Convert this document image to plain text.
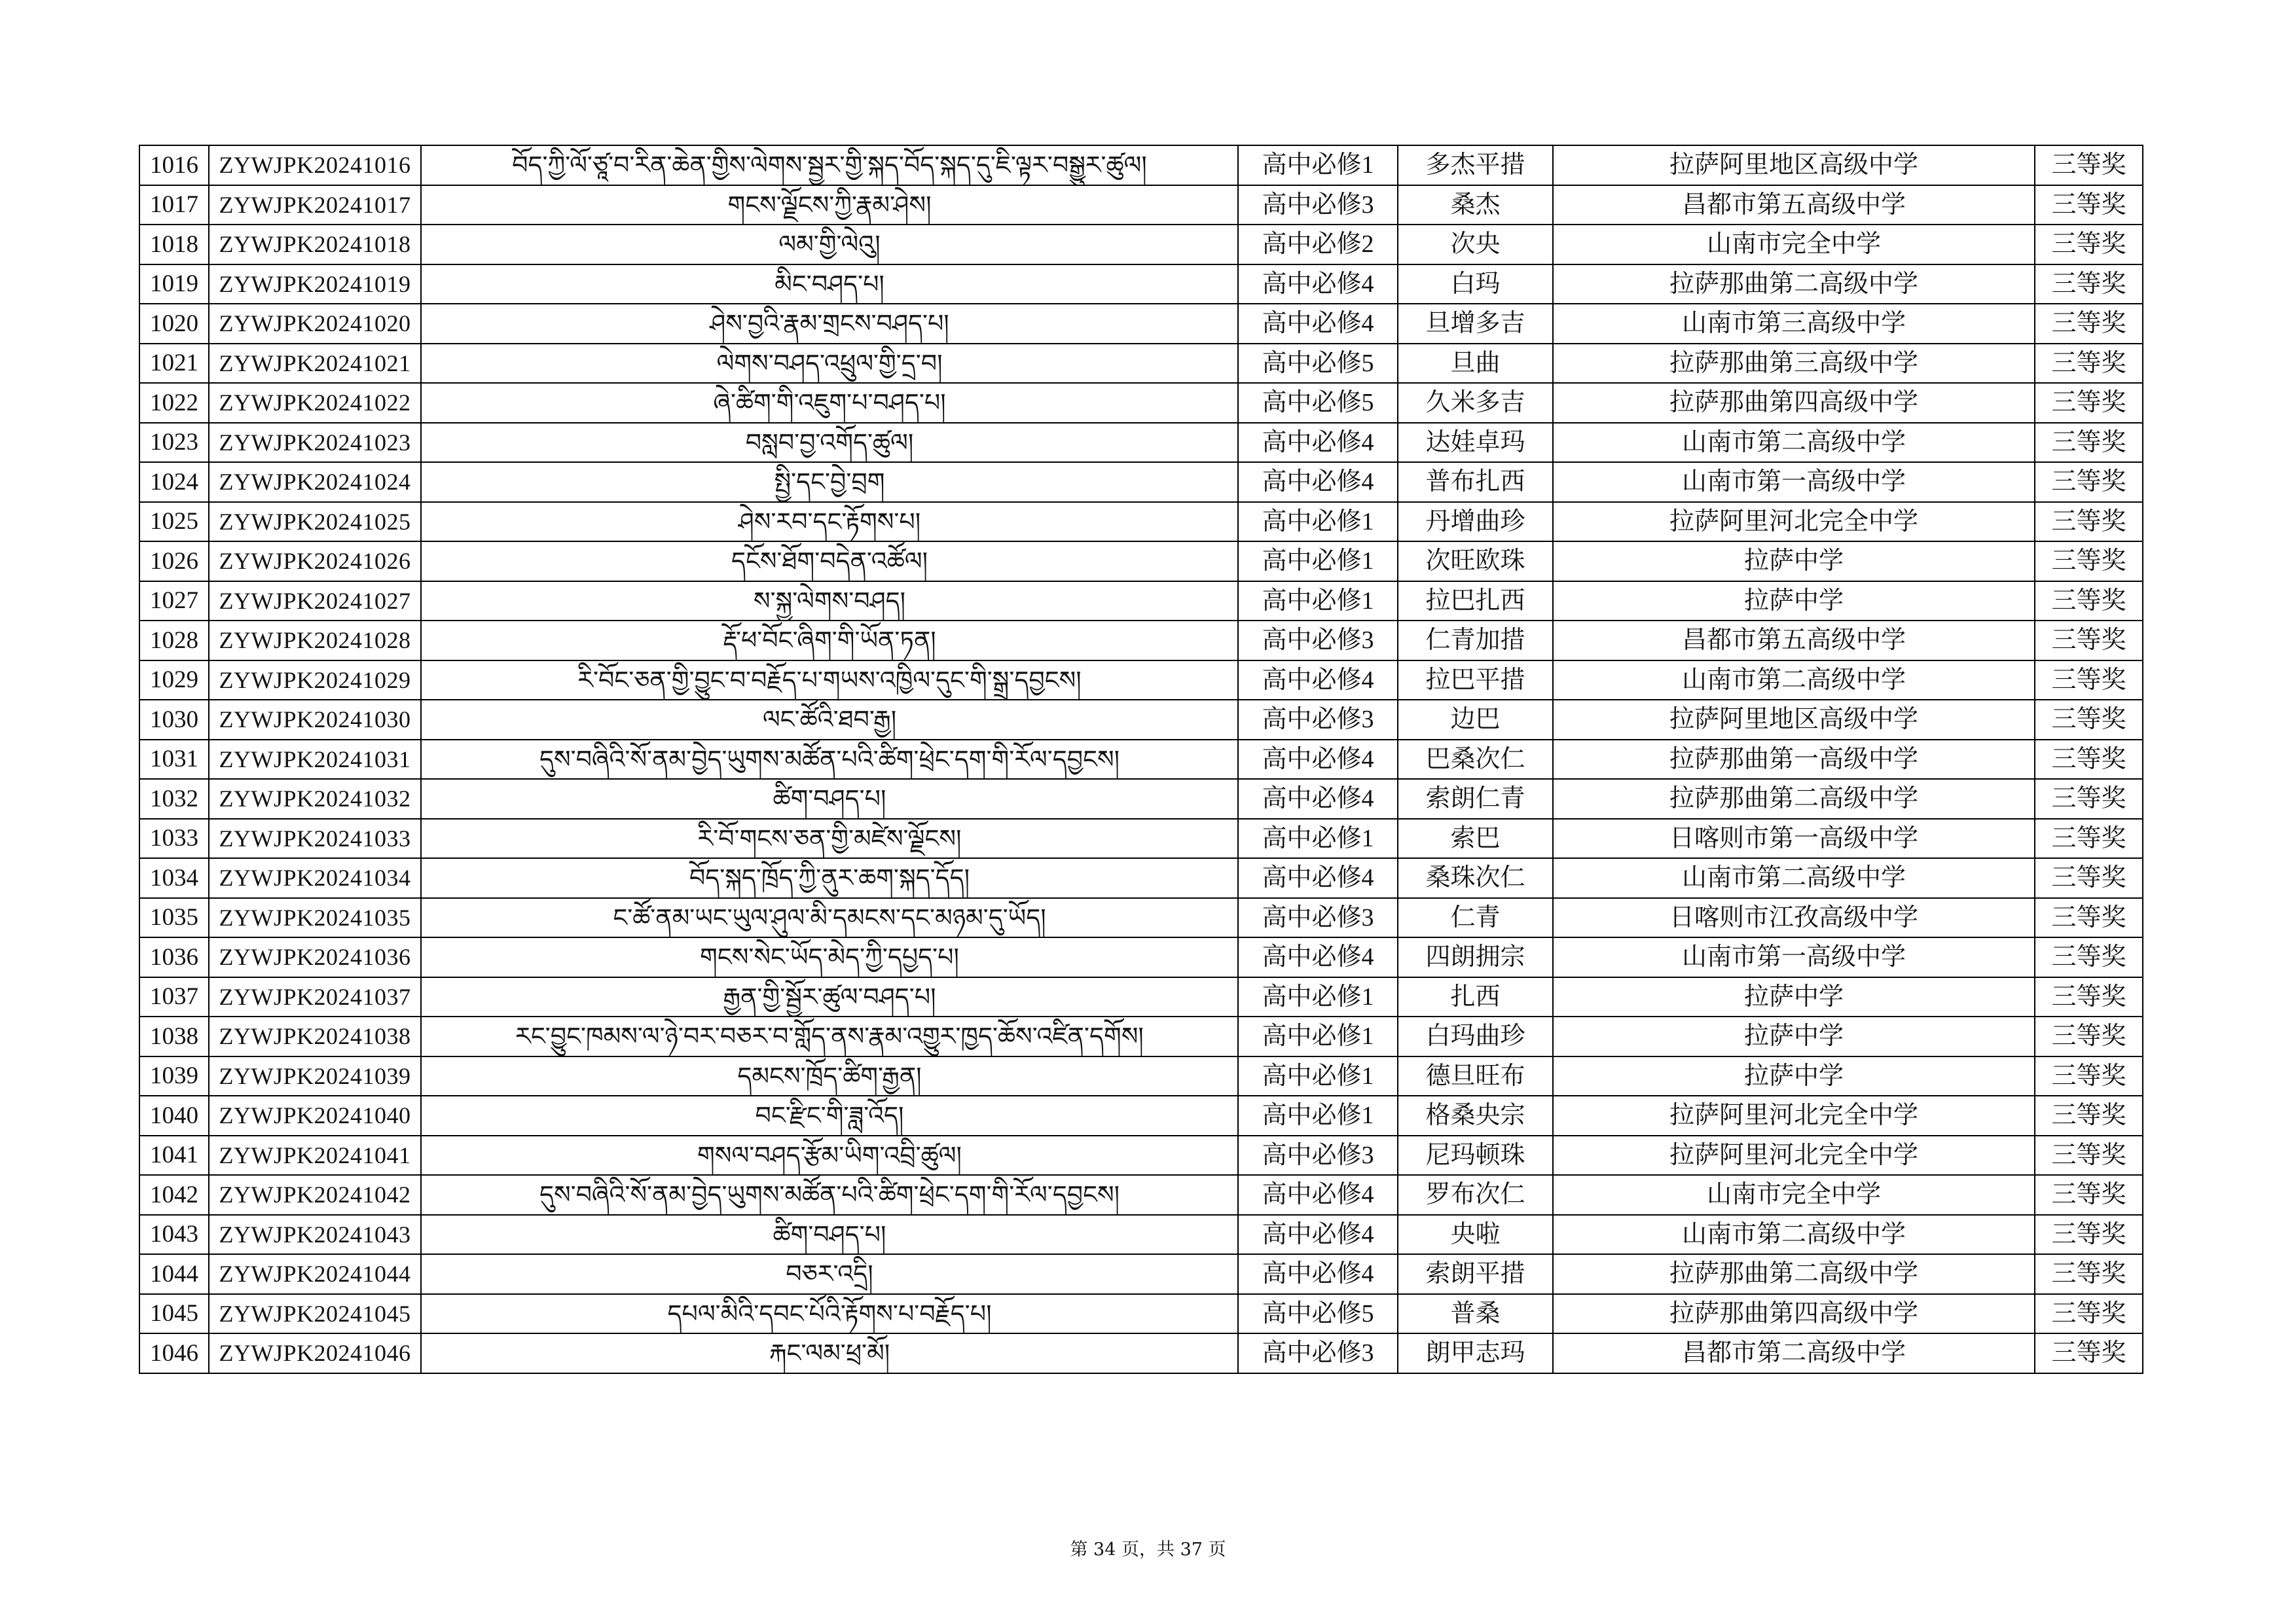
1016	ZYWJPK20241016	བོད་ཀྱི་ལོ་ཙཱ་བ་རིན་ཆེན་གྱིས་ལེགས་སྦྱར་གྱི་སྐད་བོད་སྐད་དུ་ཇི་ལྟར་བསྒྱུར་ཚུལ།	高中必修1	多杰平措	拉萨阿里地区高级中学	三等奖
1017	ZYWJPK20241017	གངས་ལྗོངས་ཀྱི་རྣམ་ཤེས།	高中必修3	桑杰	昌都市第五高级中学	三等奖
1018	ZYWJPK20241018	ལམ་གྱི་ལེའུ།	高中必修2	次央	山南市完全中学	三等奖
1019	ZYWJPK20241019	མིང་བཤད་པ།	高中必修4	白玛	拉萨那曲第二高级中学	三等奖
1020	ZYWJPK20241020	ཤེས་བྱའི་རྣམ་གྲངས་བཤད་པ།	高中必修4	旦增多吉	山南市第三高级中学	三等奖
1021	ZYWJPK20241021	ལེགས་བཤད་འཕྲུལ་གྱི་དྲ་བ།	高中必修5	旦曲	拉萨那曲第三高级中学	三等奖
1022	ZYWJPK20241022	ཞེ་ཚིག་གི་འཇུག་པ་བཤད་པ།	高中必修5	久米多吉	拉萨那曲第四高级中学	三等奖
1023	ZYWJPK20241023	བསླབ་བྱ་འགོད་ཚུལ།	高中必修4	达娃卓玛	山南市第二高级中学	三等奖
1024	ZYWJPK20241024	སྤྱི་དང་བྱེ་བྲག	高中必修4	普布扎西	山南市第一高级中学	三等奖
1025	ZYWJPK20241025	ཤེས་རབ་དང་རྟོགས་པ།	高中必修1	丹增曲珍	拉萨阿里河北完全中学	三等奖
1026	ZYWJPK20241026	དངོས་ཐོག་བདེན་འཚོལ།	高中必修1	次旺欧珠	拉萨中学	三等奖
1027	ZYWJPK20241027	ས་སྐྱ་ལེགས་བཤད།	高中必修1	拉巴扎西	拉萨中学	三等奖
1028	ZYWJPK20241028	རྡོ་ཕ་བོང་ཞིག་གི་ཡོན་ཏན།	高中必修3	仁青加措	昌都市第五高级中学	三等奖
1029	ZYWJPK20241029	རི་བོང་ཅན་གྱི་བྱུང་བ་བརྗོད་པ་གཡས་འཁྱིལ་དུང་གི་སྒྲ་དབྱངས།	高中必修4	拉巴平措	山南市第二高级中学	三等奖
1030	ZYWJPK20241030	ལང་ཚོའི་ཐབ་རྒྱ།	高中必修3	边巴	拉萨阿里地区高级中学	三等奖
1031	ZYWJPK20241031	དུས་བཞིའི་སོ་ནམ་བྱེད་ཡུགས་མཚོན་པའི་ཚིག་ཕྲེང་དག་གི་རོལ་དབྱངས།	高中必修4	巴桑次仁	拉萨那曲第一高级中学	三等奖
1032	ZYWJPK20241032	ཚིག་བཤད་པ།	高中必修4	索朗仁青	拉萨那曲第二高级中学	三等奖
1033	ZYWJPK20241033	རི་བོ་གངས་ཅན་གྱི་མཛེས་ལྗོངས།	高中必修1	索巴	日喀则市第一高级中学	三等奖
1034	ZYWJPK20241034	བོད་སྐད་ཁྲོད་ཀྱི་ནུར་ཆག་སྐད་དོད།	高中必修4	桑珠次仁	山南市第二高级中学	三等奖
1035	ZYWJPK20241035	ང་ཚོ་ནམ་ཡང་ཡུལ་ཤུལ་མི་དམངས་དང་མཉམ་དུ་ཡོད།	高中必修3	仁青	日喀则市江孜高级中学	三等奖
1036	ZYWJPK20241036	གངས་སེང་ཡོད་མེད་ཀྱི་དཔྱད་པ།	高中必修4	四朗拥宗	山南市第一高级中学	三等奖
1037	ZYWJPK20241037	རྒྱན་གྱི་སྦྱོར་ཚུལ་བཤད་པ།	高中必修1	扎西	拉萨中学	三等奖
1038	ZYWJPK20241038	རང་བྱུང་ཁམས་ལ་ཉེ་བར་བཅར་བ་གློད་ནས་རྣམ་འགྱུར་ཁྱད་ཆོས་འཛིན་དགོས།	高中必修1	白玛曲珍	拉萨中学	三等奖
1039	ZYWJPK20241039	དམངས་ཁྲོད་ཚིག་རྒྱན།	高中必修1	德旦旺布	拉萨中学	三等奖
1040	ZYWJPK20241040	བང་རྫིང་གི་ཟླ་འོད།	高中必修1	格桑央宗	拉萨阿里河北完全中学	三等奖
1041	ZYWJPK20241041	གསལ་བཤད་རྩོམ་ཡིག་འབྲི་ཚུལ།	高中必修3	尼玛顿珠	拉萨阿里河北完全中学	三等奖
1042	ZYWJPK20241042	དུས་བཞིའི་སོ་ནམ་བྱེད་ཡུགས་མཚོན་པའི་ཚིག་ཕྲེང་དག་གི་རོལ་དབྱངས།	高中必修4	罗布次仁	山南市完全中学	三等奖
1043	ZYWJPK20241043	ཚིག་བཤད་པ།	高中必修4	央啦	山南市第二高级中学	三等奖
1044	ZYWJPK20241044	བཅར་འདྲི།	高中必修4	索朗平措	拉萨那曲第二高级中学	三等奖
1045	ZYWJPK20241045	དཔལ་མིའི་དབང་པོའི་རྟོགས་པ་བརྗོད་པ།	高中必修5	普桑	拉萨那曲第四高级中学	三等奖
1046	ZYWJPK20241046	རྐང་ལམ་ཕྲ་མོ།	高中必修3	朗甲志玛	昌都市第二高级中学	三等奖
第 34 页，共 37 页
